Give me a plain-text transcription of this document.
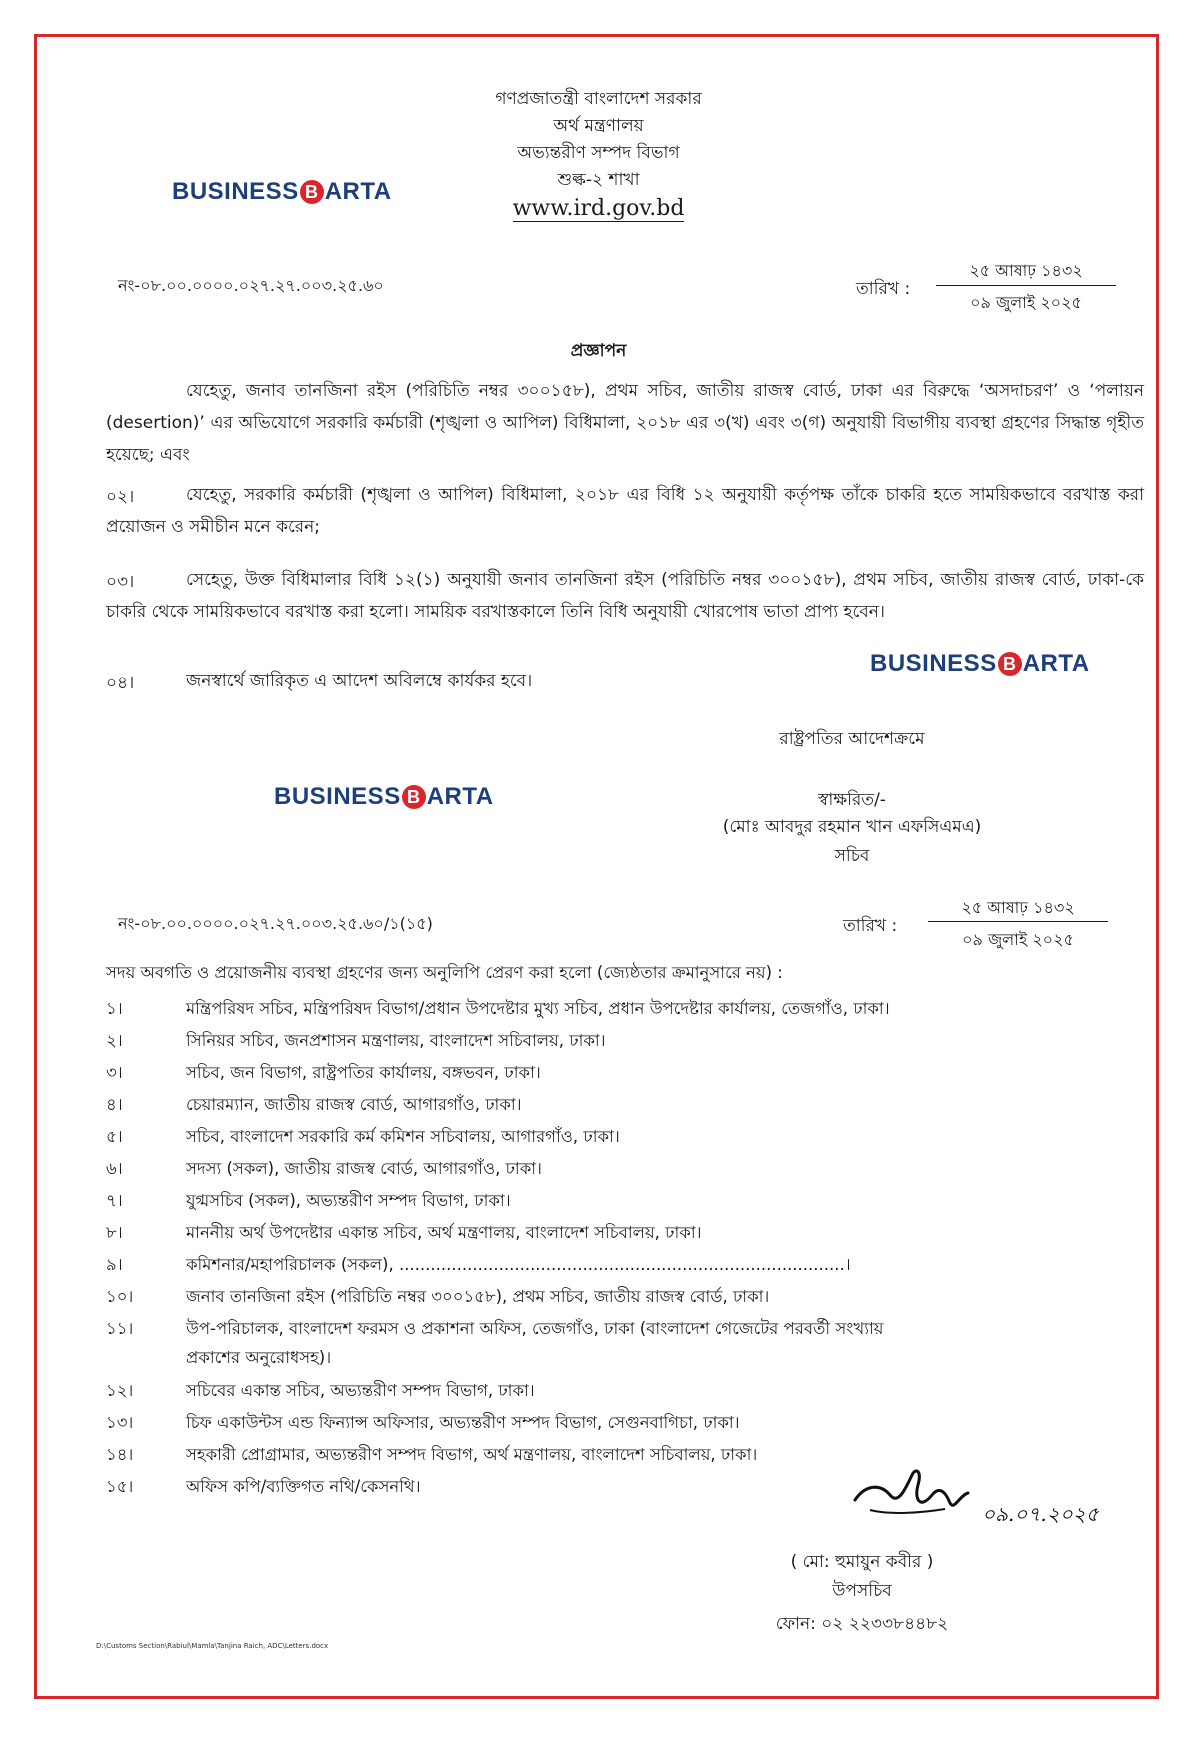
গণপ্রজাতন্ত্রী বাংলাদেশ সরকার
অর্থ মন্ত্রণালয়
অভ্যন্তরীণ সম্পদ বিভাগ
শুল্ক-২ শাখা
www.ird.gov.bd
BUSINESS B ARTA
BUSINESS B ARTA
BUSINESS B ARTA
নং-০৮.০০.০০০০.০২৭.২৭.০০৩.২৫.৬০	তারিখ :
২৫ আষাঢ় ১৪৩২
০৯ জুলাই ২০২৫
প্রজ্ঞাপন
যেহেতু, জনাব তানজিনা রইস (পরিচিতি নম্বর ৩০০১৫৮), প্রথম সচিব, জাতীয় রাজস্ব বোর্ড, ঢাকা এর বিরুদ্ধে ‘অসদাচরণ’ ও ‘পলায়ন (desertion)’ এর অভিযোগে সরকারি কর্মচারী (শৃঙ্খলা ও আপিল) বিধিমালা, ২০১৮ এর ৩(খ) এবং ৩(গ) অনুযায়ী বিভাগীয় ব্যবস্থা গ্রহণের সিদ্ধান্ত গৃহীত হয়েছে; এবং
০২।	যেহেতু, সরকারি কর্মচারী (শৃঙ্খলা ও আপিল) বিধিমালা, ২০১৮ এর বিধি ১২ অনুযায়ী কর্তৃপক্ষ তাঁকে চাকরি হতে সাময়িকভাবে বরখাস্ত করা প্রয়োজন ও সমীচীন মনে করেন;
০৩।	সেহেতু, উক্ত বিধিমালার বিধি ১২(১) অনুযায়ী জনাব তানজিনা রইস (পরিচিতি নম্বর ৩০০১৫৮), প্রথম সচিব, জাতীয় রাজস্ব বোর্ড, ঢাকা-কে চাকরি থেকে সাময়িকভাবে বরখাস্ত করা হলো। সাময়িক বরখাস্তকালে তিনি বিধি অনুযায়ী খোরপোষ ভাতা প্রাপ্য হবেন।
০৪।	জনস্বার্থে জারিকৃত এ আদেশ অবিলম্বে কার্যকর হবে।
রাষ্ট্রপতির আদেশক্রমে
স্বাক্ষরিত/-
(মোঃ আবদুর রহমান খান এফসিএমএ)
সচিব
নং-০৮.০০.০০০০.০২৭.২৭.০০৩.২৫.৬০/১(১৫)	তারিখ :
২৫ আষাঢ় ১৪৩২
০৯ জুলাই ২০২৫
সদয় অবগতি ও প্রয়োজনীয় ব্যবস্থা গ্রহণের জন্য অনুলিপি প্রেরণ করা হলো (জ্যেষ্ঠতার ক্রমানুসারে নয়) :
১।	মন্ত্রিপরিষদ সচিব, মন্ত্রিপরিষদ বিভাগ/প্রধান উপদেষ্টার মুখ্য সচিব, প্রধান উপদেষ্টার কার্যালয়, তেজগাঁও, ঢাকা।
২।	সিনিয়র সচিব, জনপ্রশাসন মন্ত্রণালয়, বাংলাদেশ সচিবালয়, ঢাকা।
৩।	সচিব, জন বিভাগ, রাষ্ট্রপতির কার্যালয়, বঙ্গভবন, ঢাকা।
৪।	চেয়ারম্যান, জাতীয় রাজস্ব বোর্ড, আগারগাঁও, ঢাকা।
৫।	সচিব, বাংলাদেশ সরকারি কর্ম কমিশন সচিবালয়, আগারগাঁও, ঢাকা।
৬।	সদস্য (সকল), জাতীয় রাজস্ব বোর্ড, আগারগাঁও, ঢাকা।
৭।	যুগ্মসচিব (সকল), অভ্যন্তরীণ সম্পদ বিভাগ, ঢাকা।
৮।	মাননীয় অর্থ উপদেষ্টার একান্ত সচিব, অর্থ মন্ত্রণালয়, বাংলাদেশ সচিবালয়, ঢাকা।
৯।	কমিশনার/মহাপরিচালক (সকল), .....................................................................................।
১০।	জনাব তানজিনা রইস (পরিচিতি নম্বর ৩০০১৫৮), প্রথম সচিব, জাতীয় রাজস্ব বোর্ড, ঢাকা।
১১।	উপ-পরিচালক, বাংলাদেশ ফরমস ও প্রকাশনা অফিস, তেজগাঁও, ঢাকা (বাংলাদেশ গেজেটের পরবর্তী সংখ্যায়
প্রকাশের অনুরোধসহ)।
১২।	সচিবের একান্ত সচিব, অভ্যন্তরীণ সম্পদ বিভাগ, ঢাকা।
১৩।	চিফ একাউন্টস এন্ড ফিন্যান্স অফিসার, অভ্যন্তরীণ সম্পদ বিভাগ, সেগুনবাগিচা, ঢাকা।
১৪।	সহকারী প্রোগ্রামার, অভ্যন্তরীণ সম্পদ বিভাগ, অর্থ মন্ত্রণালয়, বাংলাদেশ সচিবালয়, ঢাকা।
১৫।	অফিস কপি/ব্যক্তিগত নথি/কেসনথি।
০৯.০৭.২০২৫
( মো: হুমায়ুন কবীর )
উপসচিব
ফোন: ০২ ২২৩৩৮৪৪৮২
D:\Customs Section\Rabiul\Mamla\Tanjina Raich, ADC\Letters.docx
